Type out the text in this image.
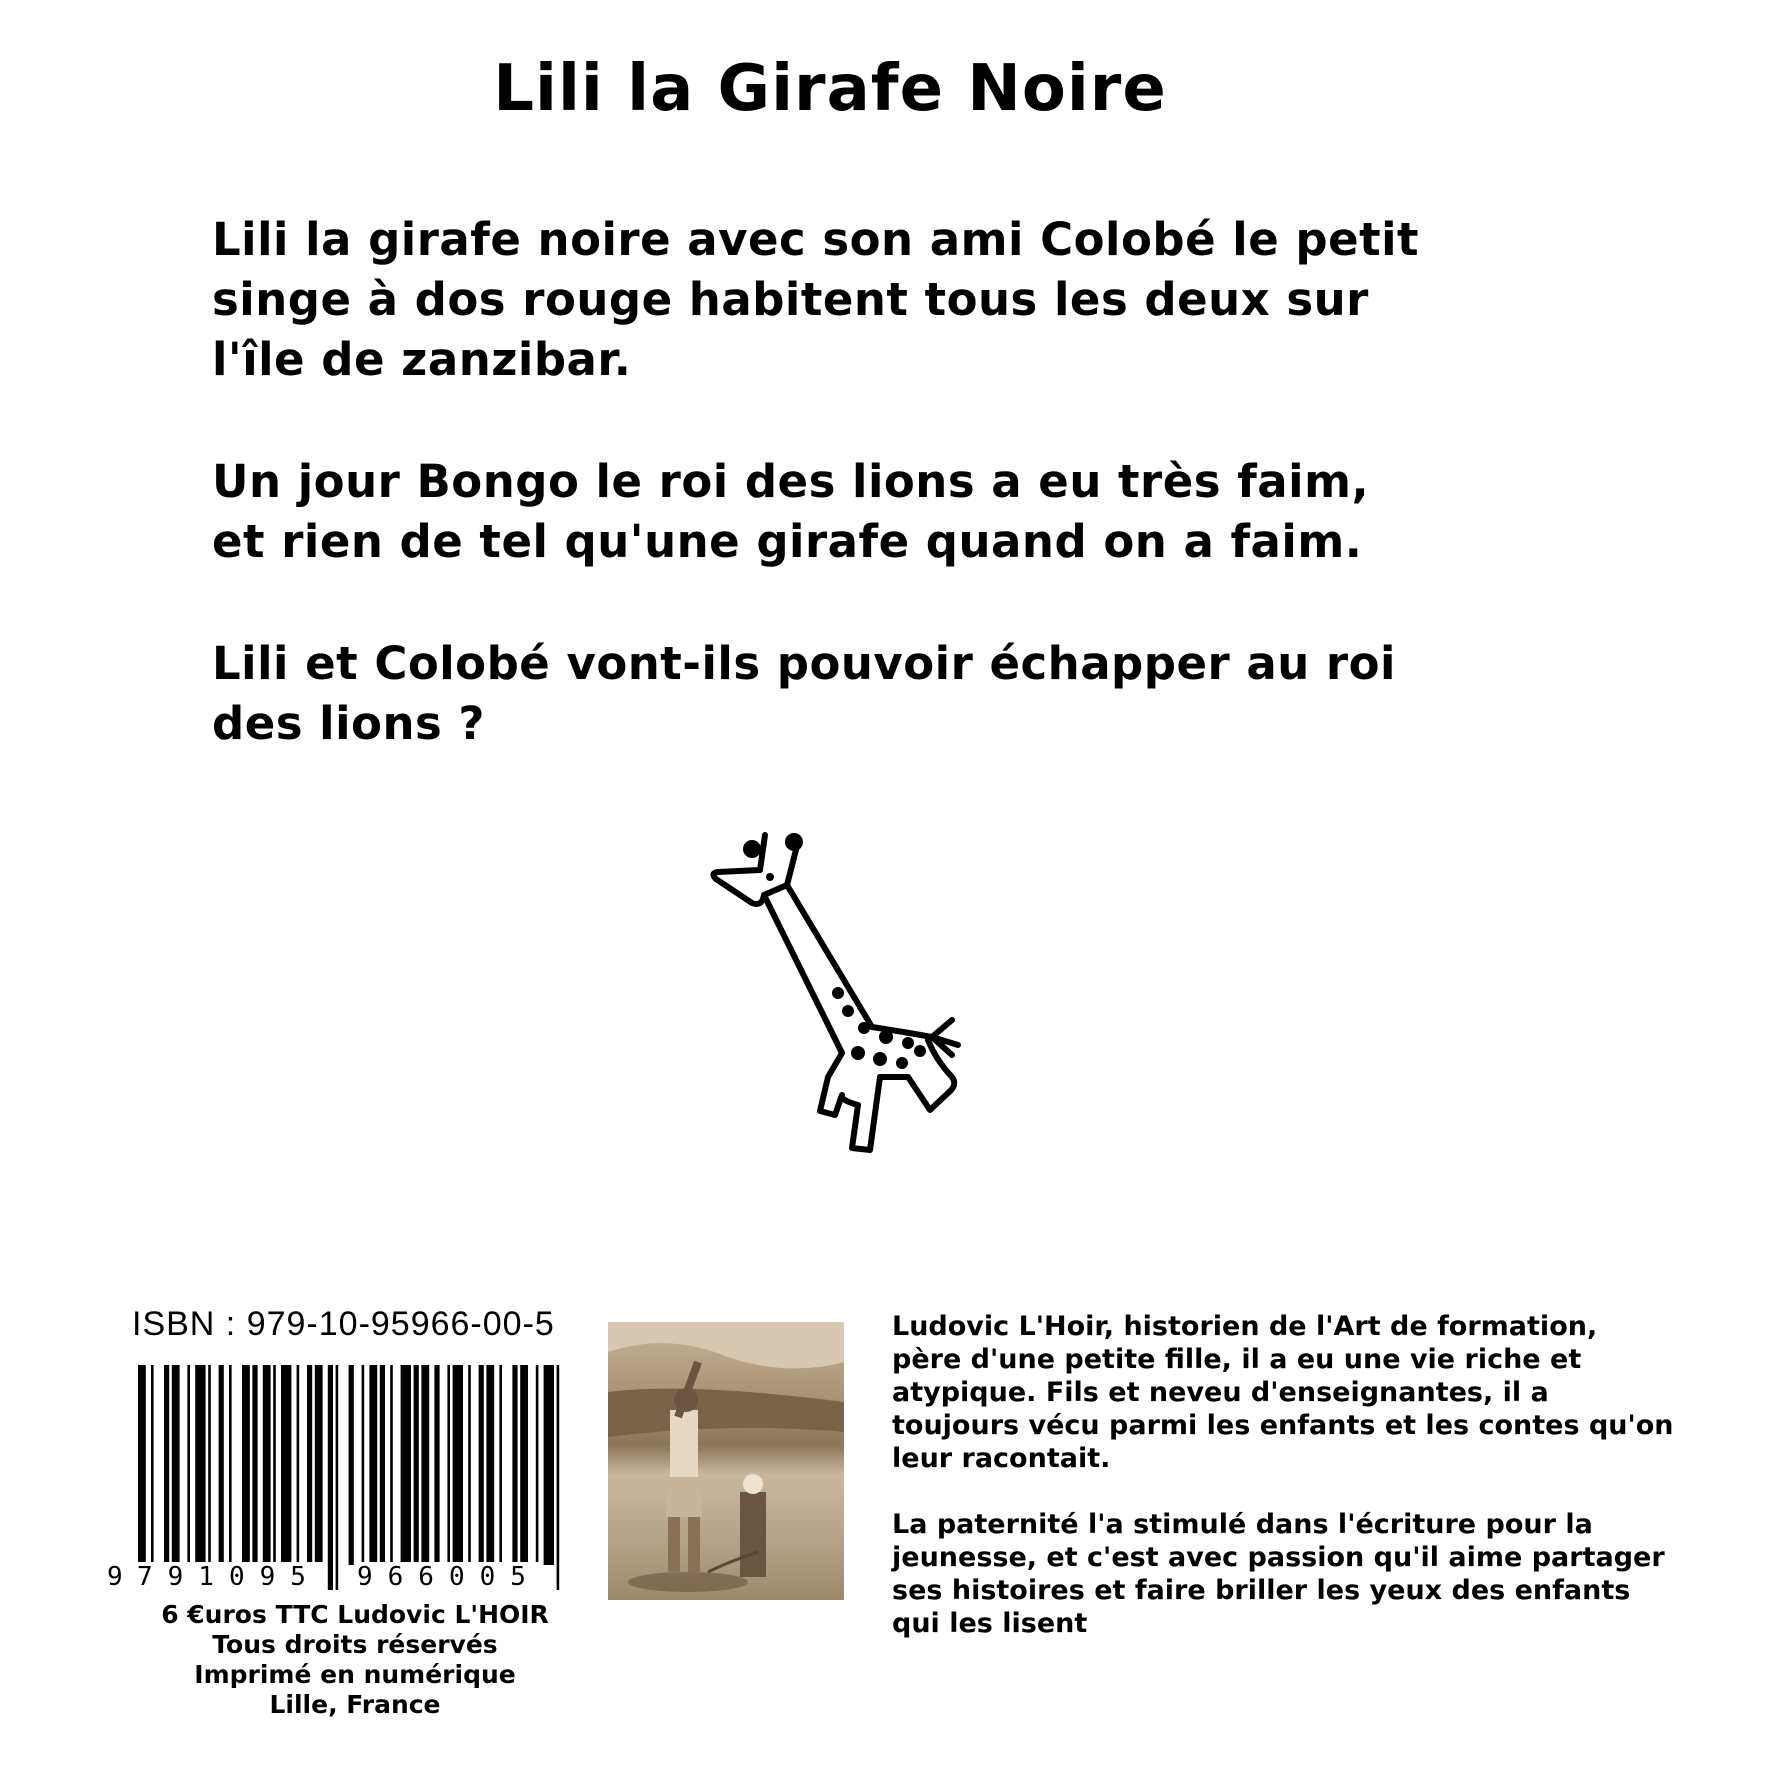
Lili la Girafe Noire
Lili la girafe noire avec son ami Colobé le petit
singe à dos rouge habitent tous les deux sur
l'île de zanzibar.
Un jour Bongo le roi des lions a eu très faim,
et rien de tel qu'une girafe quand on a faim.
Lili et Colobé vont-ils pouvoir échapper au roi
des lions ?
ISBN : 979-10-95966-00-5
9 791095 966005
6 €uros TTC Ludovic L'HOIR
Tous droits réservés
Imprimé en numérique
Lille, France

Ludovic L'Hoir, historien de l'Art de formation,
père d'une petite fille, il a eu une vie riche et
atypique. Fils et neveu d'enseignantes, il a
toujours vécu parmi les enfants et les contes qu'on
leur racontait.

La paternité l'a stimulé dans l'écriture pour la
jeunesse, et c'est avec passion qu'il aime partager
ses histoires et faire briller les yeux des enfants
qui les lisent
